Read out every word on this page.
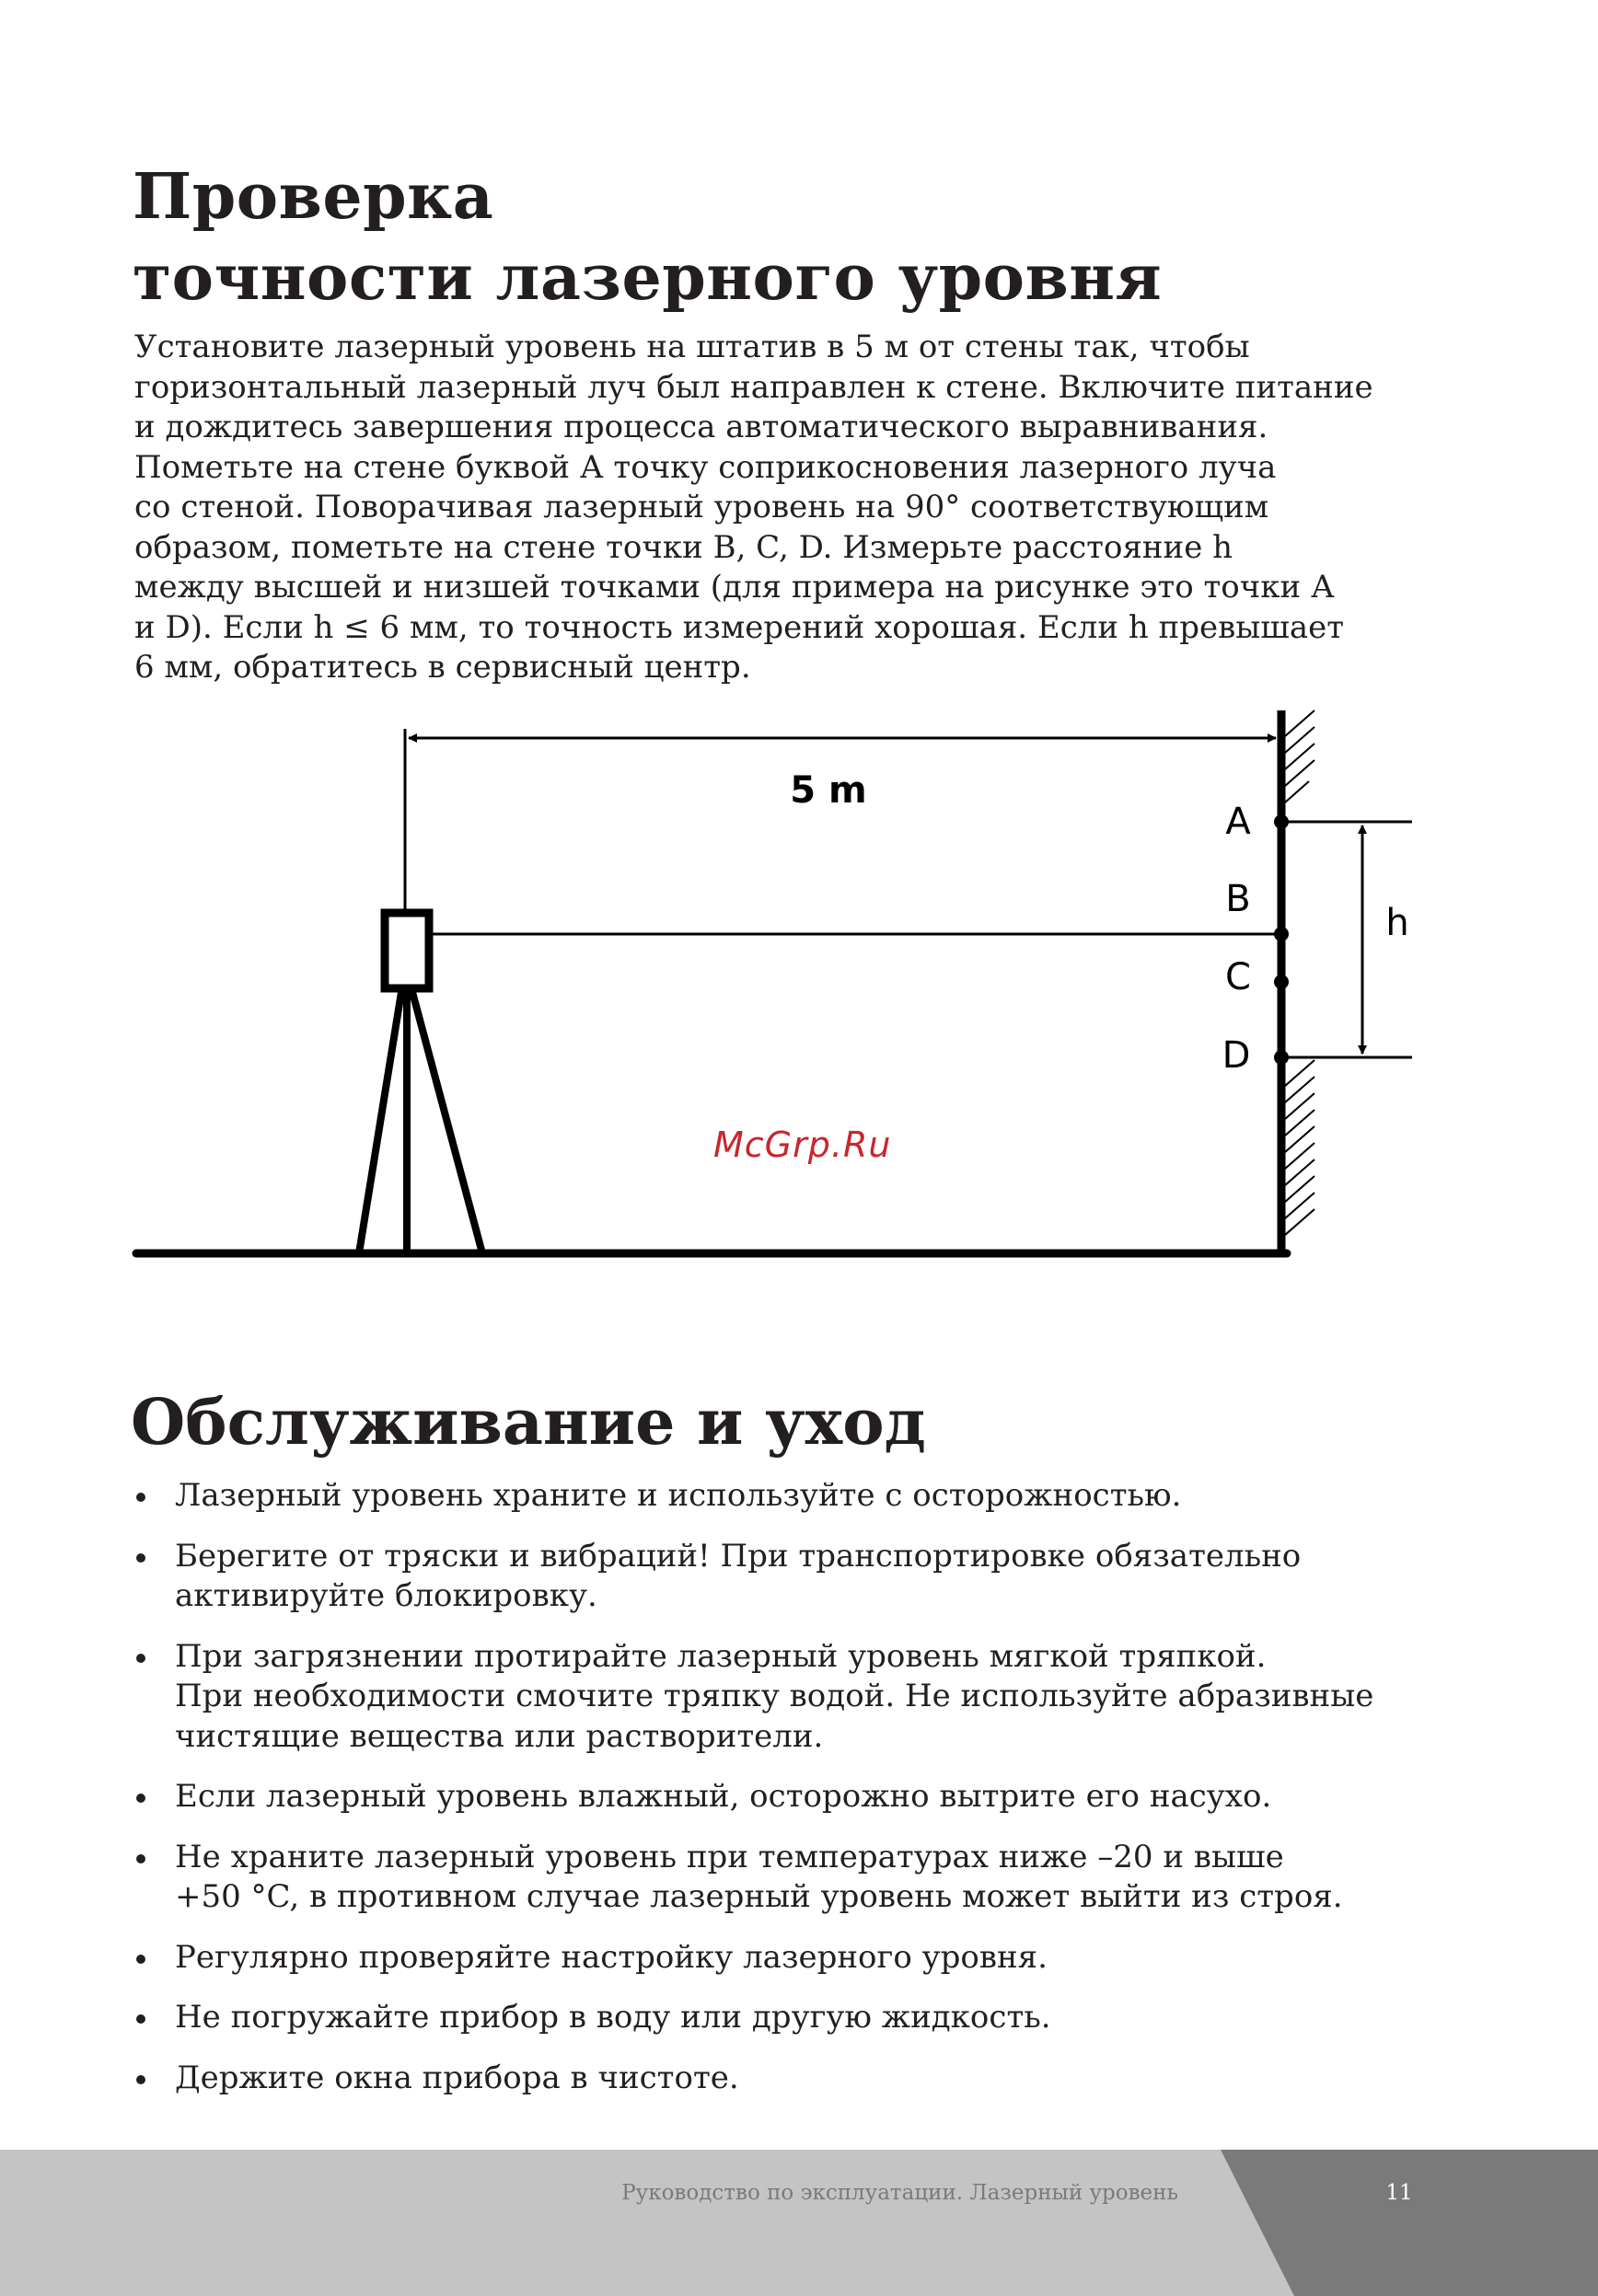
Проверка
точности лазерного уровня

Установите лазерный уровень на штатив в 5 м от стены так, чтобы
горизонтальный лазерный луч был направлен к стене. Включите питание
и дождитесь завершения процесса автоматического выравнивания.
Пометьте на стене буквой А точку соприкосновения лазерного луча
со стеной. Поворачивая лазерный уровень на 90° соответствующим
образом, пометьте на стене точки B, C, D. Измерьте расстояние h
между высшей и низшей точками (для примера на рисунке это точки А
и D). Если h ≤ 6 мм, то точность измерений хорошая. Если h превышает
6 мм, обратитесь в сервисный центр.

5 m
A
B
C
D
h
McGrp.Ru
Обслуживание и уход
Лазерный уровень храните и используйте с осторожностью.
Берегите от тряски и вибраций! При транспортировке обязательно
активируйте блокировку.
При загрязнении протирайте лазерный уровень мягкой тряпкой.
При необходимости смочите тряпку водой. Не используйте абразивные
чистящие вещества или растворители.
Если лазерный уровень влажный, осторожно вытрите его насухо.
Не храните лазерный уровень при температурах ниже –20 и выше
+50 °C, в противном случае лазерный уровень может выйти из строя.
Регулярно проверяйте настройку лазерного уровня.
Не погружайте прибор в воду или другую жидкость.
Держите окна прибора в чистоте.
Руководство по эксплуатации. Лазерный уровень	11
